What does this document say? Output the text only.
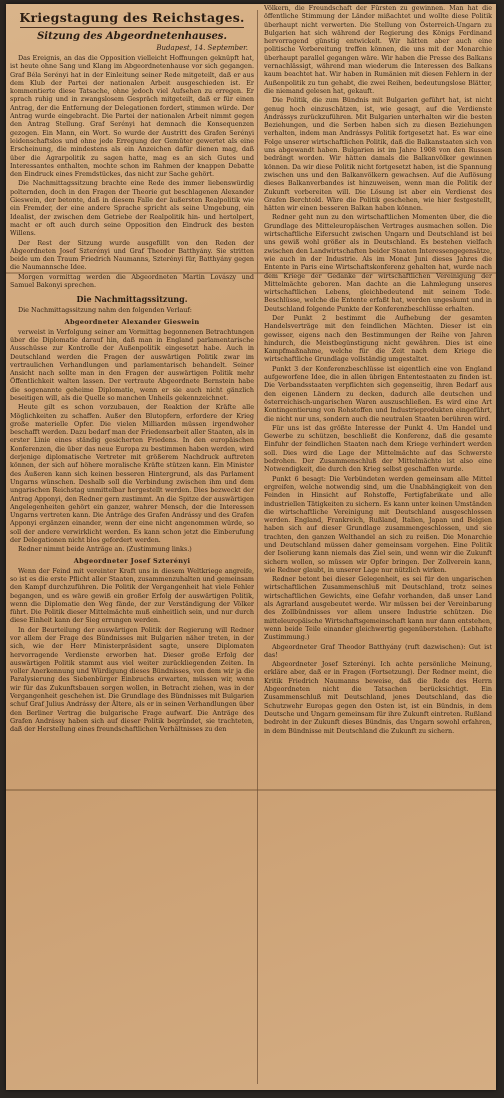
Kriegstagung des Reichstages.
Sitzung des Abgeordnetenhauses.
Budapest, 14. September.

Das Ereignis, an das die Opposition vielleicht Hoffnungen geknüpft hat, ist heute ohne Sang und Klang im Abgeordnetenhause vor sich gegangen. Graf Béla Serényi hat in der Einleitung seiner Rede mitgeteilt, daß er aus dem Klub der Partei der nationalen Arbeit ausgeschieden ist. Er kommentierte diese Tatsache, ohne jedoch viel Aufsehen zu erregen. Er sprach ruhig und in zwangslosem Gespräch mitgeteilt, daß er für einen Antrag, der die Entfernung der Delegationen fordert, stimmen würde. Der Antrag wurde eingebracht. Die Partei der nationalen Arbeit nimmt gegen den Antrag Stellung. Graf Serényi hat demnach die Konsequenzen gezogen. Ein Mann, ein Wort. So wurde der Austritt des Grafen Serényi leidenschaftslos und ohne jede Erregung der Gemüter gewertet als eine Erscheinung, die mindestens als ein Anzeichen dafür dienen mag, daß über die Agrarpolitik zu sagen hatte, mag es an sich Gutes und Interessantes enthalten, mochte schon im Rahmen der knappen Debatte den Eindruck eines Fremdstückes, das nicht zur Sache gehört.

Die Nachmittagssitzung brachte eine Rede des immer liebenswürdig polternden, doch in den Fragen der Theorie gut beschlagenen Alexander Gieswein, der betonte, daß in diesem Falle der äußersten Realpolitik wie ein Fremder, der eine andere Sprache spricht als seine Umgebung, ein Idealist, der zwischen dem Getriebe der Realpolitik hin- und hertolpert, macht er oft auch durch seine Opposition den Eindruck des besten Willens.

Der Rest der Sitzung wurde ausgefüllt von den Reden der Abgeordneten Josef Szterényi und Graf Theodor Batthyány. Sie stritten beide um den Traum Friedrich Naumanns, Szterényi für, Batthyány gegen die Naumannsche Idee.

Morgen vormittag werden die Abgeordneten Martin Lovászy und Samuel Bakonyi sprechen.

Die Nachmittagssitzung.

Die Nachmittagssitzung nahm den folgenden Verlauf:

Abgeordneter Alexander Gieswein

verweist in Verfolgung seiner am Vormittag begonnenen Betrachtungen über die Diplomatie darauf hin, daß man in England parlamentarische Ausschüsse zur Kontrolle der Außenpolitik eingesetzt habe. Auch in Deutschland werden die Fragen der auswärtigen Politik zwar im vertraulichen Verhandlungen und parlamentarisch behandelt. Seiner Ansicht nach sollte man in den Fragen der auswärtigen Politik mehr Öffentlichkeit walten lassen. Der vertraute Abgeordnete Bernstein habe die sogenannte geheime Diplomatie, wenn er sie auch nicht gänzlich beseitigen will, als die Quelle so manchen Unheils gekennzeichnet.

Heute gilt es schon vorzubauen, der Reaktion der Kräfte alle Möglichkeiten zu schaffen. Außer den Blutopfern, erfordere der Krieg große materielle Opfer. Die vielen Milliarden müssen irgendwoher beschafft werden. Dazu bedarf man der Friedensarbeit aller Staaten, als in erster Linie eines ständig gesicherten Friedens. In den europäischen Konferenzen, die über das neue Europa zu bestimmen haben werden, wird derjenige diplomatische Vertreter mit größerem Nachdruck auftreten können, der sich auf höhere moralische Kräfte stützen kann. Ein Minister des Äußeren kann sich keinen besseren Hintergrund, als das Parlament Ungarns wünschen. Deshalb soll die Verbindung zwischen ihm und dem ungarischen Reichstag unmittelbar hergestellt werden. Dies bezweckt der Antrag Apponyi, den Redner gern zustimmt. An die Spitze der auswärtigen Angelegenheiten gehört ein ganzer, wahrer Mensch, der die Interessen Ungarns vertreten kann. Die Anträge des Grafen Andrássy und des Grafen Apponyi ergänzen einander, wenn der eine nicht angenommen würde, so soll der andere verwirklicht werden. Es kann schon jetzt die Einberufung der Delegationen nicht blos gefordert werden.

Redner nimmt beide Anträge an. (Zustimmung links.)

Abgeordneter Josef Szterényi

Wenn der Feind mit vereinter Kraft uns in diesem Weltkriege angreife, so ist es die erste Pflicht aller Staaten, zusammenzuhalten und gemeinsam den Kampf durchzuführen. Die Politik der Vergangenheit hat viele Fehler begangen, und es wäre gewiß ein großer Erfolg der auswärtigen Politik, wenn die Diplomatie den Weg fände, der zur Verständigung der Völker führt. Die Politik dieser Mittelmächte muß einheitlich sein, und nur durch diese Einheit kann der Sieg errungen werden.

In der Beurteilung der auswärtigen Politik der Regierung will Redner vor allem der Frage des Bündnisses mit Bulgarien näher treten, in der sich, wie der Herr Ministerpräsident sagte, unsere Diplomaten hervorragende Verdienste erworben hat. Dieser große Erfolg der auswärtigen Politik stammt aus viel weiter zurückliegenden Zeiten. In voller Anerkennung und Würdigung dieses Bündnisses, von dem wir ja die Paralysierung des Siebenbürger Einbruchs erwarten, müssen wir, wenn wir für das Zukunftsbauen sorgen wollen, in Betracht ziehen, was in der Vergangenheit geschehen ist. Die Grundlage des Bündnisses mit Bulgarien schuf Graf Julius Andrássy der Ältere, als er in seinen Verhandlungen über den Berliner Vertrag die bulgarische Frage aufwarf. Die Anträge des Grafen Andrássy haben sich auf dieser Politik begründet, sie trachteten, daß der Herstellung eines freundschaftlichen Verhältnisses zu den

Völkern, die Freundschaft der Fürsten zu gewinnen. Man hat die öffentliche Stimmung der Länder mißachtet und wollte diese Politik überhaupt nicht verwerten. Die Stellung von Österreich-Ungarn zu Bulgarien hat sich während der Regierung des Königs Ferdinand hervorragend günstig entwickelt. Wir hätten aber auch eine politische Vorbereitung treffen können, die uns mit der Monarchie überhaupt parallel gegangen wäre. Wir haben die Presse des Balkans vernachlässigt, während man wiederum die Interessen des Balkans kaum beachtet hat. Wir haben in Rumänien mit diesen Fehlern in der Außenpolitik zu tun gehabt, die zwei Reihen, bedeutungslose Blätter, die niemand gelesen hat, gekauft.

Die Politik, die zum Bündnis mit Bulgarien geführt hat, ist nicht genug hoch einzuschätzen, ist, wie gesagt, auf die Verdienste Andrássys zurückzuführen. Mit Bulgarien unterhalten wir die besten Beziehungen, und die Serben haben sich zu diesen Beziehungen verhalten, indem man Andrássys Politik fortgesetzt hat. Es war eine Folge unserer wirtschaftlichen Politik, daß die Balkanstaaten sich von uns abgewandt haben. Bulgarien ist im Jahre 1908 von den Russen bedrängt worden. Wir hätten damals die Balkanvölker gewinnen können. Da wir diese Politik nicht fortgesetzt haben, ist die Spannung zwischen uns und den Balkanvölkern gewachsen. Auf die Auflösung dieses Balkanverbandes ist hinzuweisen, wenn man die Politik der Zukunft vorbereiten will. Die Lösung ist aber ein Verdienst des Grafen Berchtold. Wäre die Politik geschehen, wie hier festgestellt, hätten wir einen besseren Balkan haben können.

Redner geht nun zu den wirtschaftlichen Momenten über, die die Grundlage des Mitteleuropäischen Vertrages ausmachen sollen. Die wirtschaftliche Eifersucht zwischen Ungarn und Deutschland ist bei uns gewiß wohl größer als in Deutschland. Es bestehen vielfach zwischen den Landwirtschaften beider Staaten Interessengegensätze, wie auch in der Industrie. Als im Monat Juni dieses Jahres die Entente in Paris eine Wirtschaftskonferenz gehalten hat, wurde nach dem Kriege der Gedanke der wirtschaftlichen Vereinigung der Mittelmächte geboren. Man dachte an die Lahmlegung unseres wirtschaftlichen Lebens, gleichbedeutend mit seinem Tode. Beschlüsse, welche die Entente erfaßt hat, werden ungesäumt und in Deutschland folgende Punkte der Konferenzbeschlüsse erhalten.

Der Punkt 2 bestimmt die Aufhebung der gesamten Handelsverträge mit den feindlichen Mächten. Dieser ist ein gewisser, eigens nach den Bestimmungen der Reihe von Jahren hindurch, die Meistbegünstigung nicht gewähren. Dies ist eine Kampfmaßnahme, welche für die Zeit nach dem Kriege die wirtschaftliche Grundlage vollständig umgestaltet.

Punkt 3 der Konferenzbeschlüsse ist eigentlich eine von England aufgeworfene Idee, die in allen übrigen Ententestaaten zu finden ist. Die Verbandsstaaten verpflichten sich gegenseitig, ihren Bedarf aus den eigenen Ländern zu decken, dadurch alle deutschen und österreichisch-ungarischen Waren auszuschließen. Es wird eine Art Kontingentierung von Rohstoffen und Industrieprodukten eingeführt, die nicht nur uns, sondern auch die neutralen Staaten berühren wird.

Für uns ist das größte Interesse der Punkt 4. Um Handel und Gewerbe zu schützen, beschließt die Konferenz, daß die gesamte Einfuhr der feindlichen Staaten nach dem Kriege verhindert werden soll. Dies wird die Lage der Mittelmächte auf das Schwerste bedrohen. Der Zusammenschluß der Mittelmächte ist also eine Notwendigkeit, die durch den Krieg selbst geschaffen wurde.

Punkt 6 besagt: Die Verbündeten werden gemeinsam alle Mittel ergreifen, welche notwendig sind, um die Unabhängigkeit von den Feinden in Hinsicht auf Rohstoffe, Fertigfabrikate und alle industriellen Tätigkeiten zu sichern. Es kann unter keinen Umständen die wirtschaftliche Vereinigung mit Deutschland ausgeschlossen werden. England, Frankreich, Rußland, Italien, Japan und Belgien haben sich auf dieser Grundlage zusammengeschlossen, und sie trachten, den ganzen Welthandel an sich zu reißen. Die Monarchie und Deutschland müssen daher gemeinsam vorgehen. Eine Politik der Isolierung kann niemals das Ziel sein, und wenn wir die Zukunft sichern wollen, so müssen wir Opfer bringen. Der Zollverein kann, wie Redner glaubt, in unserer Lage nur nützlich wirken.

Redner betont bei dieser Gelegenheit, es sei für den ungarischen wirtschaftlichen Zusammenschluß mit Deutschland, trotz seines wirtschaftlichen Gewichts, eine Gefahr vorhanden, daß unser Land als Agrarland ausgebeutet werde. Wir müssen bei der Vereinbarung des Zollbündnisses vor allem unsere Industrie schützen. Die mitteleuropäische Wirtschaftsgemeinschaft kann nur dann entstehen, wenn beide Teile einander gleichwertig gegenüberstehen. (Lebhafte Zustimmung.)

Abgeordneter Graf Theodor Batthyány (ruft dazwischen): Gut ist das!

Abgeordneter Josef Szterényi. Ich achte persönliche Meinung, erkläre aber, daß er in Fragen (Fortsetzung). Der Redner meint, die Kritik Friedrich Naumanns beweise, daß die Rede des Herrn Abgeordneten nicht die Tatsachen berücksichtigt. Ein Zusammenschluß mit Deutschland, jenes Deutschland, das die Schutzwehr Europas gegen den Osten ist, ist ein Bündnis, in dem Deutsche und Ungarn gemeinsam für ihre Zukunft eintreten. Rußland bedroht in der Zukunft dieses Bündnis, das Ungarn sowohl erfahren, in dem Bündnisse mit Deutschland die Zukunft zu sichern.
